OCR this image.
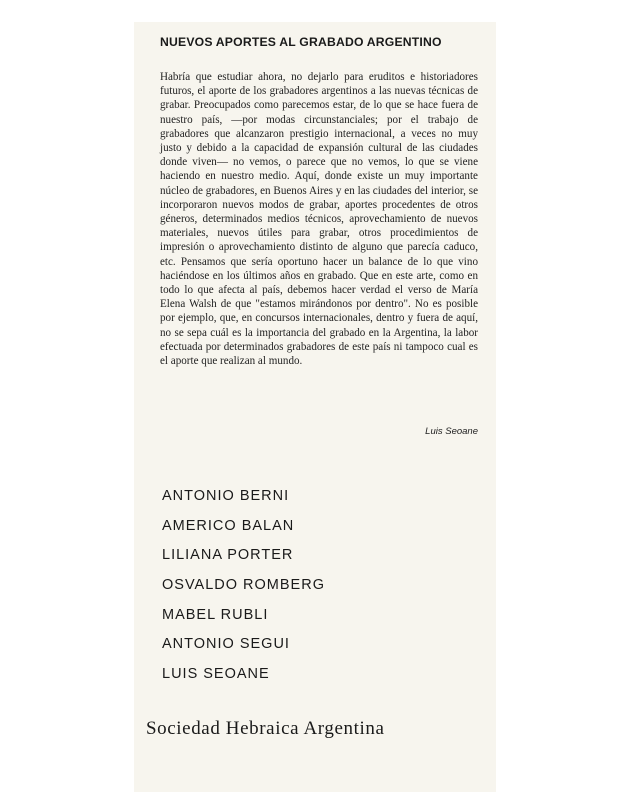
NUEVOS APORTES AL GRABADO ARGENTINO

Habría que estudiar ahora, no dejarlo para eruditos e historiadores futuros, el aporte de los grabadores argentinos a las nuevas técnicas de grabar. Preocupados como parecemos estar, de lo que se hace fuera de nuestro país, —por modas circunstanciales; por el trabajo de grabadores que alcanzaron prestigio internacional, a veces no muy justo y debido a la capacidad de expansión cultural de las ciudades donde viven— no vemos, o parece que no vemos, lo que se viene haciendo en nuestro medio. Aquí, donde existe un muy importante núcleo de grabadores, en Buenos Aires y en las ciudades del interior, se incorporaron nuevos modos de grabar, aportes procedentes de otros géneros, determinados medios técnicos, aprovechamiento de nuevos materiales, nuevos útiles para grabar, otros procedimientos de impresión o aprovechamiento distinto de alguno que parecía caduco, etc. Pensamos que sería oportuno hacer un balance de lo que vino haciéndose en los últimos años en grabado. Que en este arte, como en todo lo que afecta al país, debemos hacer verdad el verso de María Elena Walsh de que "estamos mirándonos por dentro". No es posible por ejemplo, que, en concursos internacionales, dentro y fuera de aquí, no se sepa cuál es la importancia del grabado en la Argentina, la labor efectuada por determinados grabadores de este país ni tampoco cual es el aporte que realizan al mundo.

Luis Seoane
ANTONIO BERNI
AMERICO BALAN
LILIANA PORTER
OSVALDO ROMBERG
MABEL RUBLI
ANTONIO SEGUI
LUIS SEOANE
Sociedad Hebraica Argentina
